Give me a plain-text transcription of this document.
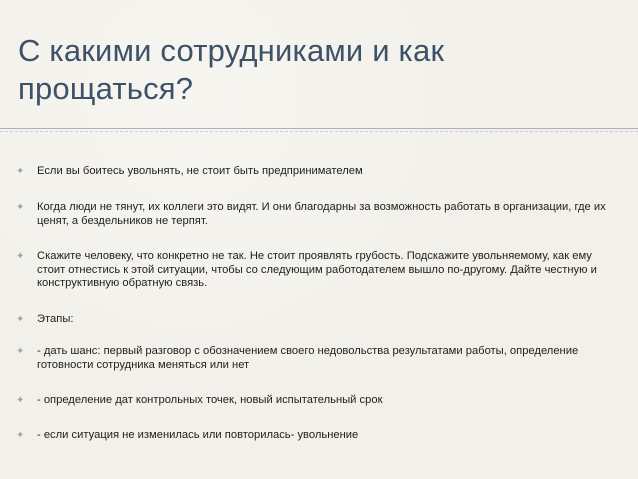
С какими сотрудниками и как прощаться?
✦ Если вы боитесь увольнять, не стоит быть предпринимателем
✦ Когда люди не тянут, их коллеги это видят. И они благодарны за возможность работать в организации, где их ценят, а бездельников не терпят.
✦ Скажите человеку, что конкретно не так. Не стоит проявлять грубость. Подскажите увольняемому, как ему стоит отнестись к этой ситуации, чтобы со следующим работодателем вышло по-другому. Дайте честную и конструктивную обратную связь.
✦ Этапы:
✦ - дать шанс: первый разговор с обозначением своего недовольства результатами работы, определение готовности сотрудника меняться или нет
✦ - определение дат контрольных точек, новый испытательный срок
✦ - если ситуация не изменилась или повторилась- увольнение
